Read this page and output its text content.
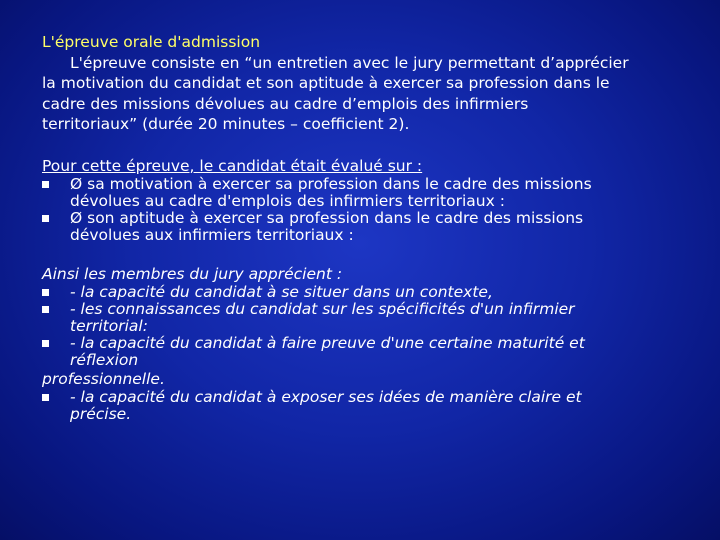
L'épreuve orale d'admission
L'épreuve consiste en “un entretien avec le jury permettant d’apprécier
la motivation du candidat et son aptitude à exercer sa profession dans le
cadre des missions dévolues au cadre d’emplois des infirmiers
territoriaux” (durée 20 minutes – coefficient 2).
Pour cette épreuve, le candidat était évalué sur :
Ø sa motivation à exercer sa profession dans le cadre des missions
dévolues au cadre d'emplois des infirmiers territoriaux :
Ø son aptitude à exercer sa profession dans le cadre des missions
dévolues aux infirmiers territoriaux :
Ainsi les membres du jury apprécient :
- la capacité du candidat à se situer dans un contexte,
- les connaissances du candidat sur les spécificités d'un infirmier
territorial:
- la capacité du candidat à faire preuve d'une certaine maturité et
réflexion
professionnelle.
- la capacité du candidat à exposer ses idées de manière claire et
précise.
